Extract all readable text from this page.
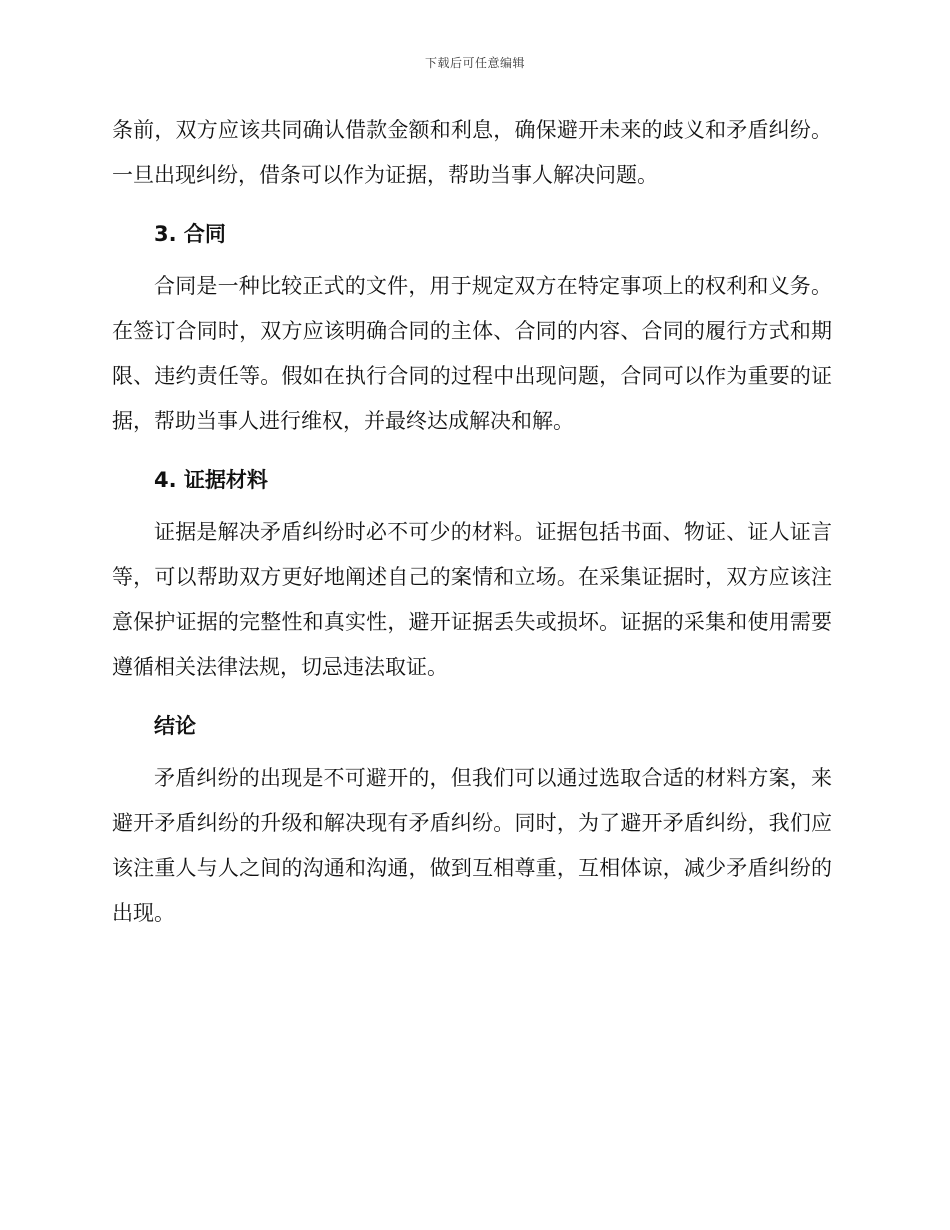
下载后可任意编辑

条前，双方应该共同确认借款金额和利息，确保避开未来的歧义和矛盾纠纷。一旦出现纠纷，借条可以作为证据，帮助当事人解决问题。

3. 合同

合同是一种比较正式的文件，用于规定双方在特定事项上的权利和义务。在签订合同时，双方应该明确合同的主体、合同的内容、合同的履行方式和期限、违约责任等。假如在执行合同的过程中出现问题，合同可以作为重要的证据，帮助当事人进行维权，并最终达成解决和解。

4. 证据材料

证据是解决矛盾纠纷时必不可少的材料。证据包括书面、物证、证人证言等，可以帮助双方更好地阐述自己的案情和立场。在采集证据时，双方应该注意保护证据的完整性和真实性，避开证据丢失或损坏。证据的采集和使用需要遵循相关法律法规，切忌违法取证。

结论

矛盾纠纷的出现是不可避开的，但我们可以通过选取合适的材料方案，来避开矛盾纠纷的升级和解决现有矛盾纠纷。同时，为了避开矛盾纠纷，我们应该注重人与人之间的沟通和沟通，做到互相尊重，互相体谅，减少矛盾纠纷的出现。
